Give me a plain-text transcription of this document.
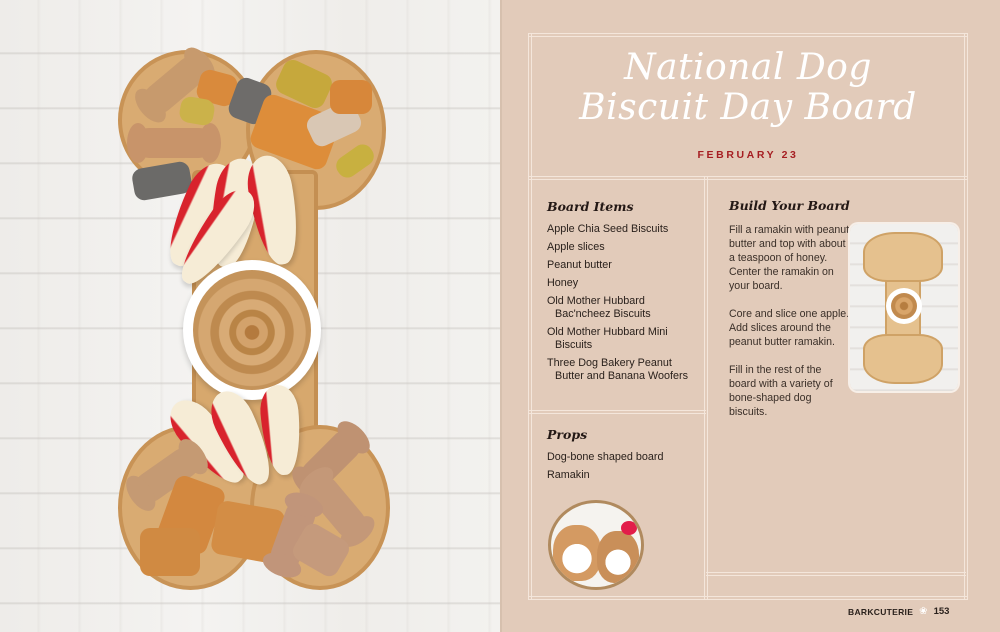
National Dog
Biscuit Day Board
FEBRUARY 23
Board Items
Apple Chia Seed Biscuits
Apple slices
Peanut butter
Honey
Old Mother Hubbard Bac'ncheez Biscuits
Old Mother Hubbard Mini Biscuits
Three Dog Bakery Peanut Butter and Banana Woofers
Props
Dog-bone shaped board
Ramakin
Build Your Board

Fill a ramakin with peanut butter and top with about a teaspoon of honey. Center the ramakin on your board.

Core and slice one apple. Add slices around the peanut butter ramakin.

Fill in the rest of the board with a variety of bone-shaped dog biscuits.

BARKCUTERIE ❀ 153
